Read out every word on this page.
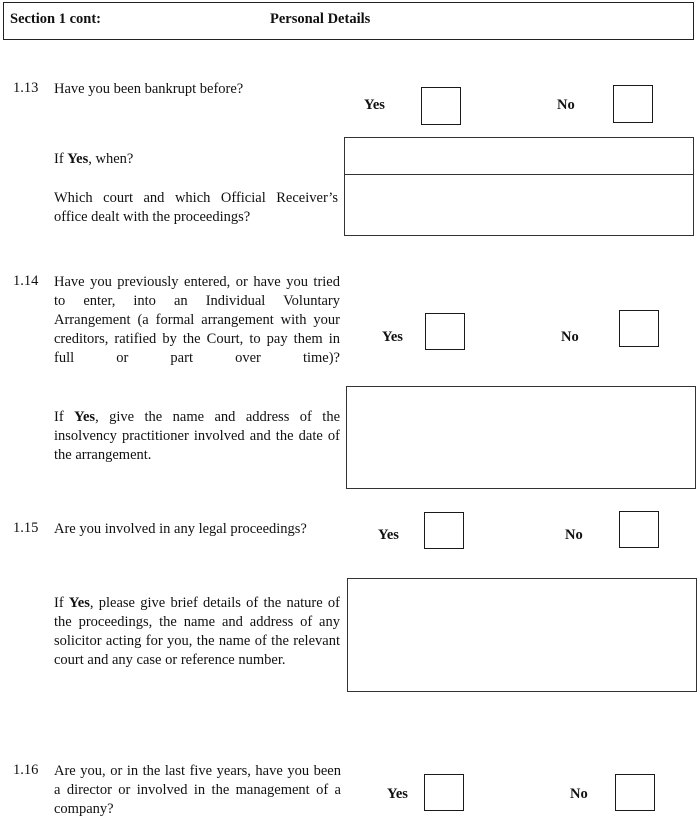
Section 1 cont:	Personal Details
1.13 Have you been bankrupt before?
Yes	No
If Yes, when?
Which court and which Official Receiver’s office dealt with the proceedings?
1.14 Have you previously entered, or have you tried to enter, into an Individual Voluntary Arrangement (a formal arrangement with your creditors, ratified by the Court, to pay them in full or part over time)?
Yes	No
If Yes, give the name and address of the insolvency practitioner involved and the date of the arrangement.
1.15 Are you involved in any legal proceedings?	Yes	No
If Yes, please give brief details of the nature of the proceedings, the name and address of any solicitor acting for you, the name of the relevant court and any case or reference number.
1.16 Are you, or in the last five years, have you been a director or involved in the management of a company?
Yes	No
